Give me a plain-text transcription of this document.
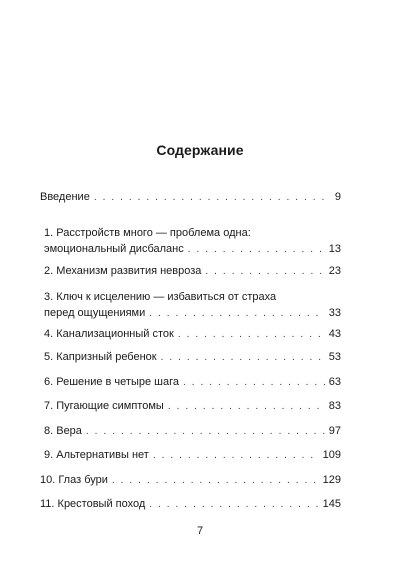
Содержание
Введение . . .	9
1. Расстройств много — проблема одна:
эмоциональный дисбаланс . . .	13
2. Механизм развития невроза . . .	23
3. Ключ к исцелению — избавиться от страха
перед ощущениями . . .	33
4. Канализационный сток . . .	43
5. Капризный ребенок . . .	53
6. Решение в четыре шага . . .	63
7. Пугающие симптомы . . .	83
8. Вера . . .	97
9. Альтернативы нет . . .	109
10. Глаз бури . . .	129
11. Крестовый поход . . .	145
7
